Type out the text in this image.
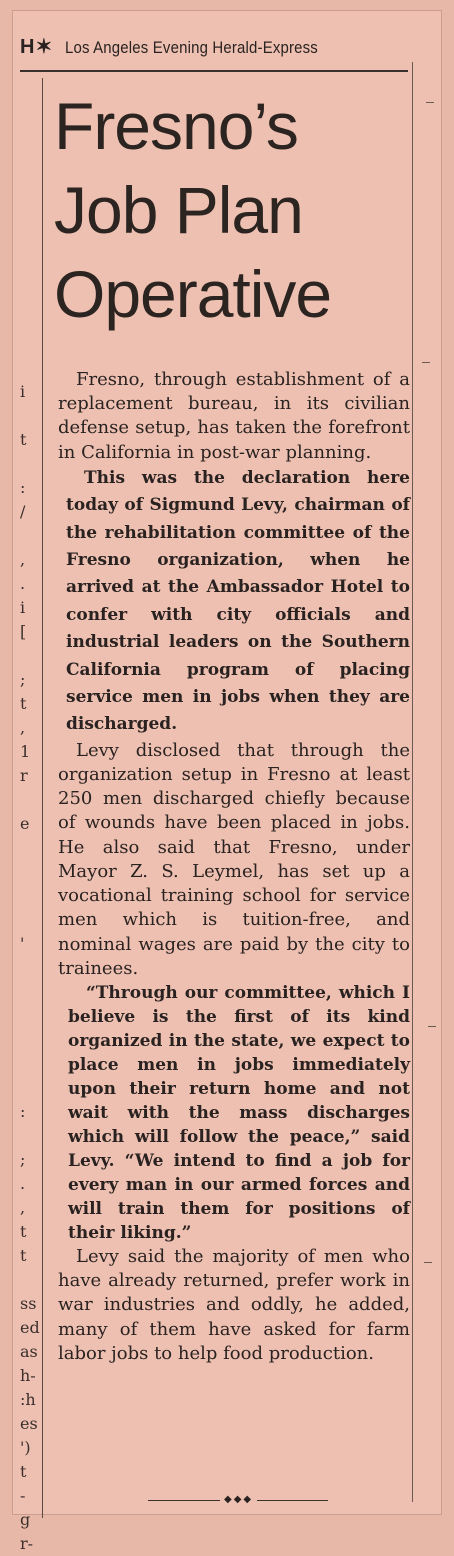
H✶ Los Angeles Evening Herald-Express
Fresno’s
Job Plan
Operative

Fresno, through establishment of a replacement bureau, in its civilian defense setup, has taken the forefront in California in post-war planning.

This was the declaration here today of Sigmund Levy, chairman of the rehabilitation committee of the Fresno organization, when he arrived at the Ambassador Hotel to confer with city officials and industrial leaders on the Southern California program of placing service men in jobs when they are discharged.

Levy disclosed that through the organization setup in Fresno at least 250 men discharged chiefly because of wounds have been placed in jobs. He also said that Fresno, under Mayor Z. S. Leymel, has set up a vocational training school for service men which is tuition-free, and nominal wages are paid by the city to trainees.

“Through our committee, which I believe is the first of its kind organized in the state, we expect to place men in jobs immediately upon their return home and not wait with the mass discharges which will follow the peace,” said Levy. “We intend to find a job for every man in our armed forces and will train them for positions of their liking.”

Levy said the majority of men who have already returned, prefer work in war industries and oddly, he added, many of them have asked for farm labor jobs to help food production.

◆◆◆
i

t

:
/

,
.
i
[

;
t
,
1
r

e

'

:

;
.
,
t
t

ss
ed
as
h-
:h
es
')
t
-
g
r-
